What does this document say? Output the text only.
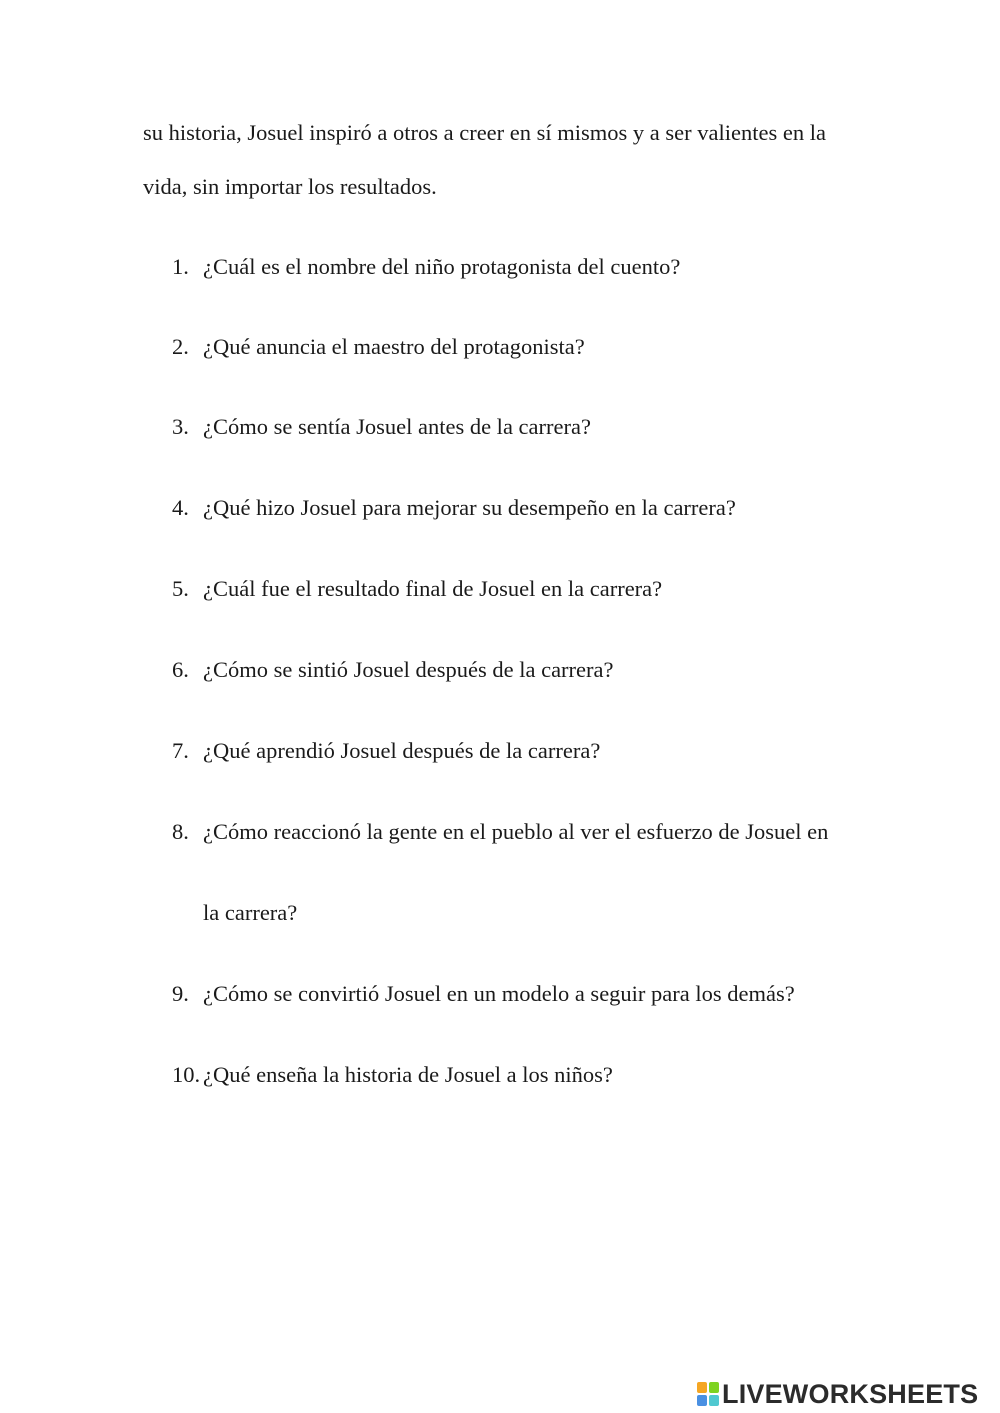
su historia, Josuel inspiró a otros a creer en sí mismos y a ser valientes en la
vida, sin importar los resultados.
1. ¿Cuál es el nombre del niño protagonista del cuento?
2. ¿Qué anuncia el maestro del protagonista?
3. ¿Cómo se sentía Josuel antes de la carrera?
4. ¿Qué hizo Josuel para mejorar su desempeño en la carrera?
5. ¿Cuál fue el resultado final de Josuel en la carrera?
6. ¿Cómo se sintió Josuel después de la carrera?
7. ¿Qué aprendió Josuel después de la carrera?
8. ¿Cómo reaccionó la gente en el pueblo al ver el esfuerzo de Josuel en
la carrera?
9. ¿Cómo se convirtió Josuel en un modelo a seguir para los demás?
10. ¿Qué enseña la historia de Josuel a los niños?
LIVEWORKSHEETS
